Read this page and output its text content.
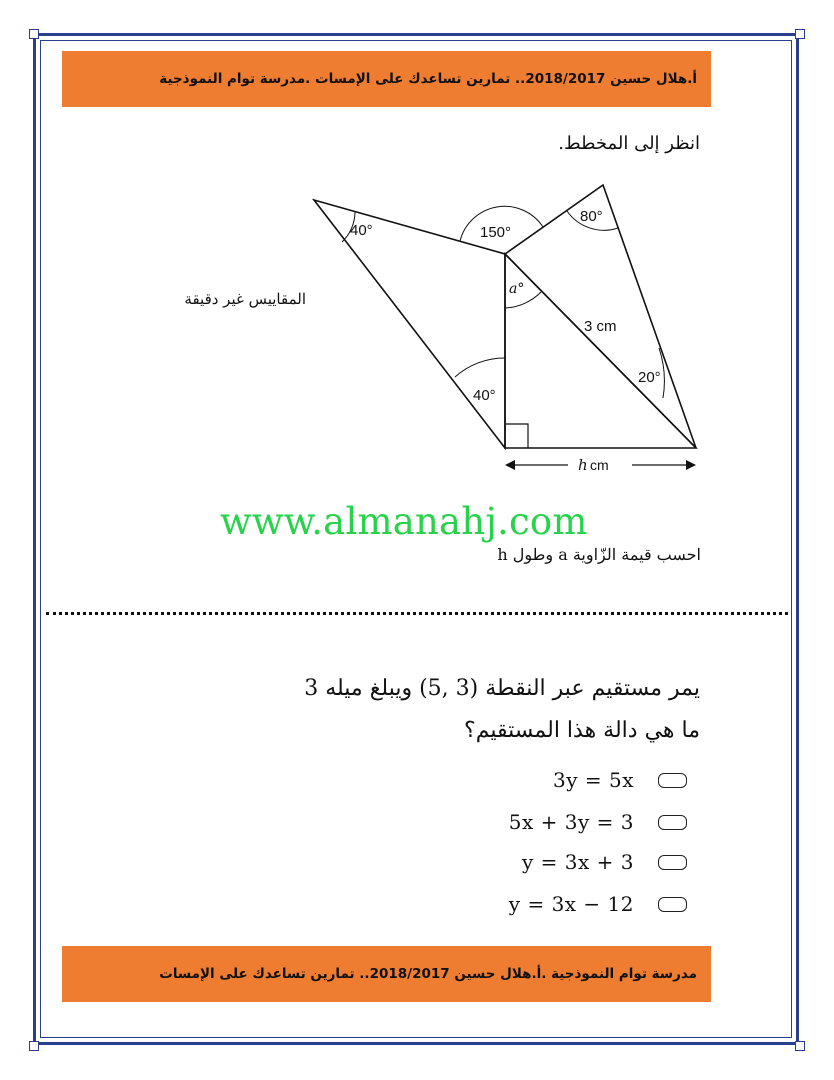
أ.هلال حسين 2018/2017.. تمارين تساعدك على الإمسات .مدرسة توام النموذجية
انظر إلى المخطط.
المقاييس غير دقيقة
40°	150°
80°
a°
20°
40°
3 cm
h cm
www.almanahj.com
احسب قيمة الزّاوية a وطول h
يمر مستقيم عبر النقطة (3 ,5) ويبلغ ميله 3
ما هي دالة هذا المستقيم؟
3y = 5x
5x + 3y = 3
y = 3x + 3
y = 3x − 12
مدرسة توام النموذجية .أ.هلال حسين 2018/2017.. تمارين تساعدك على الإمسات
